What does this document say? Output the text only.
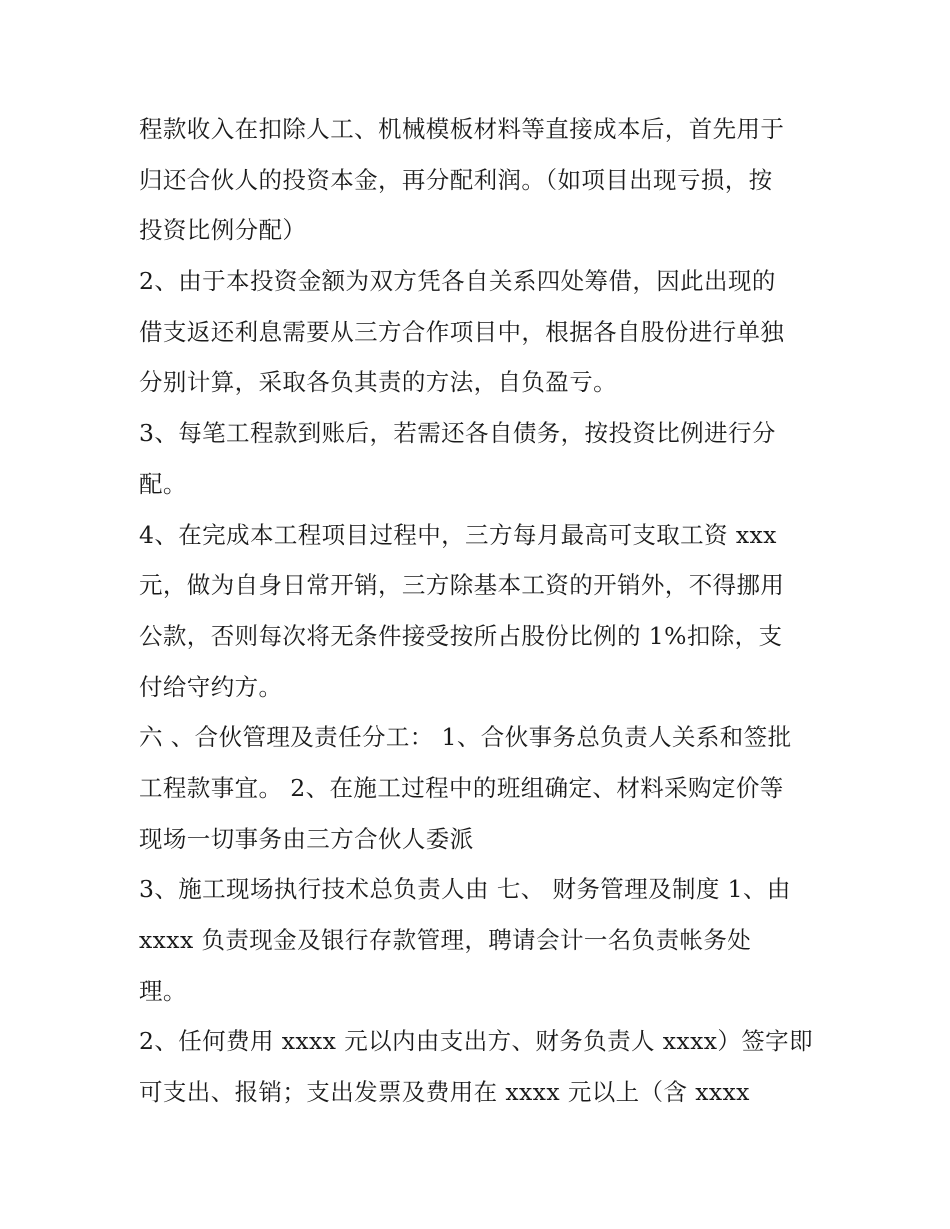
程款收入在扣除人工、机械模板材料等直接成本后，首先用于
归还合伙人的投资本金，再分配利润。（如项目出现亏损，按
投资比例分配）
2、由于本投资金额为双方凭各自关系四处筹借，因此出现的
借支返还利息需要从三方合作项目中，根据各自股份进行单独
分别计算，采取各负其责的方法，自负盈亏。
3、每笔工程款到账后，若需还各自债务，按投资比例进行分
配。
4、在完成本工程项目过程中，三方每月最高可支取工资 xxx
元，做为自身日常开销，三方除基本工资的开销外，不得挪用
公款，否则每次将无条件接受按所占股份比例的 1%扣除，支
付给守约方。
六 、合伙管理及责任分工： 1、合伙事务总负责人关系和签批
工程款事宜。 2、在施工过程中的班组确定、材料采购定价等
现场一切事务由三方合伙人委派
3、施工现场执行技术总负责人由 七、 财务管理及制度 1、由
xxxx 负责现金及银行存款管理，聘请会计一名负责帐务处
理。
2、任何费用 xxxx 元以内由支出方、财务负责人 xxxx）签字即
可支出、报销；支出发票及费用在 xxxx 元以上（含 xxxx
